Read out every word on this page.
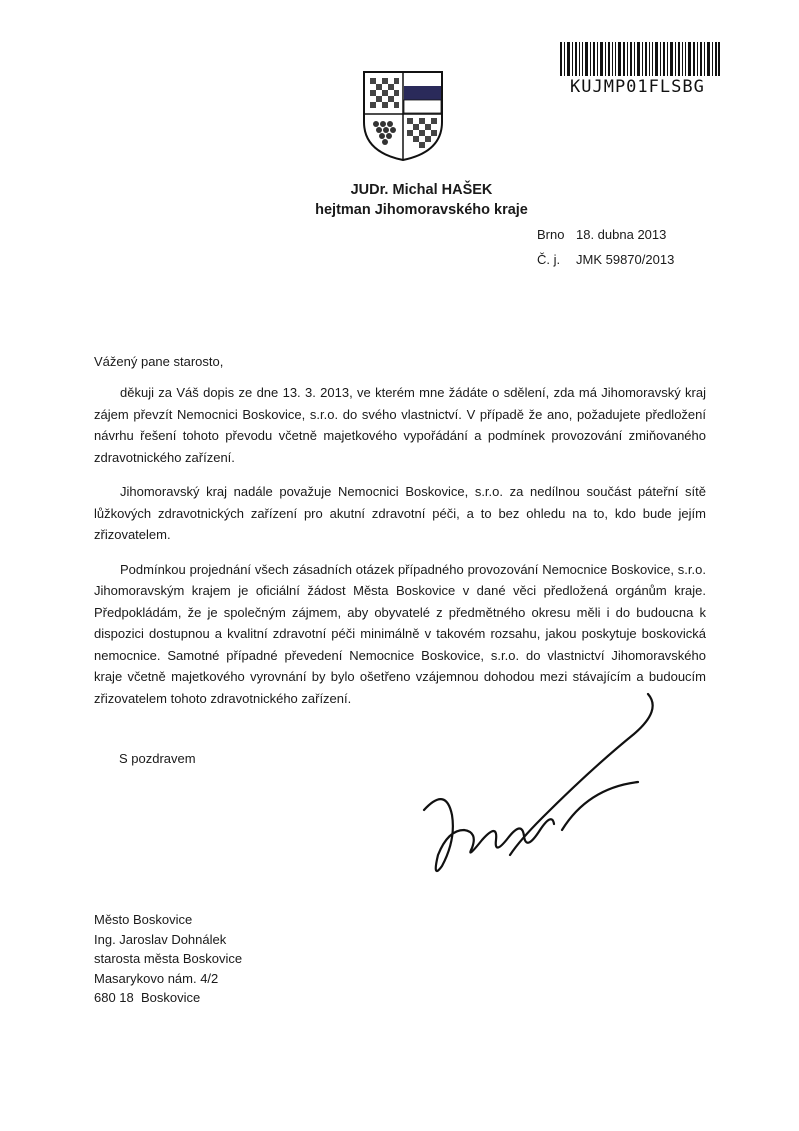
KUJMP01FLSBG
JUDr. Michal HAŠEK
hejtman Jihomoravského kraje
Brno 18. dubna 2013
Č. j. JMK 59870/2013
Vážený pane starosto,

děkuji za Váš dopis ze dne 13. 3. 2013, ve kterém mne žádáte o sdělení, zda má Jihomoravský kraj zájem převzít Nemocnici Boskovice, s.r.o. do svého vlastnictví. V případě že ano, požadujete předložení návrhu řešení tohoto převodu včetně majetkového vypořádání a podmínek provozování zmiňovaného zdravotnického zařízení.

Jihomoravský kraj nadále považuje Nemocnici Boskovice, s.r.o. za nedílnou součást páteřní sítě lůžkových zdravotnických zařízení pro akutní zdravotní péči, a to bez ohledu na to, kdo bude jejím zřizovatelem.

Podmínkou projednání všech zásadních otázek případného provozování Nemocnice Boskovice, s.r.o. Jihomoravským krajem je oficiální žádost Města Boskovice v dané věci předložená orgánům kraje. Předpokládám, že je společným zájmem, aby obyvatelé z předmětného okresu měli i do budoucna k dispozici dostupnou a kvalitní zdravotní péči minimálně v takovém rozsahu, jakou poskytuje boskovická nemocnice. Samotné případné převedení Nemocnice Boskovice, s.r.o. do vlastnictví Jihomoravského kraje včetně majetkového vyrovnání by bylo ošetřeno vzájemnou dohodou mezi stávajícím a budoucím zřizovatelem tohoto zdravotnického zařízení.

S pozdravem
Město Boskovice
Ing. Jaroslav Dohnálek
starosta města Boskovice
Masarykovo nám. 4/2
680 18  Boskovice
